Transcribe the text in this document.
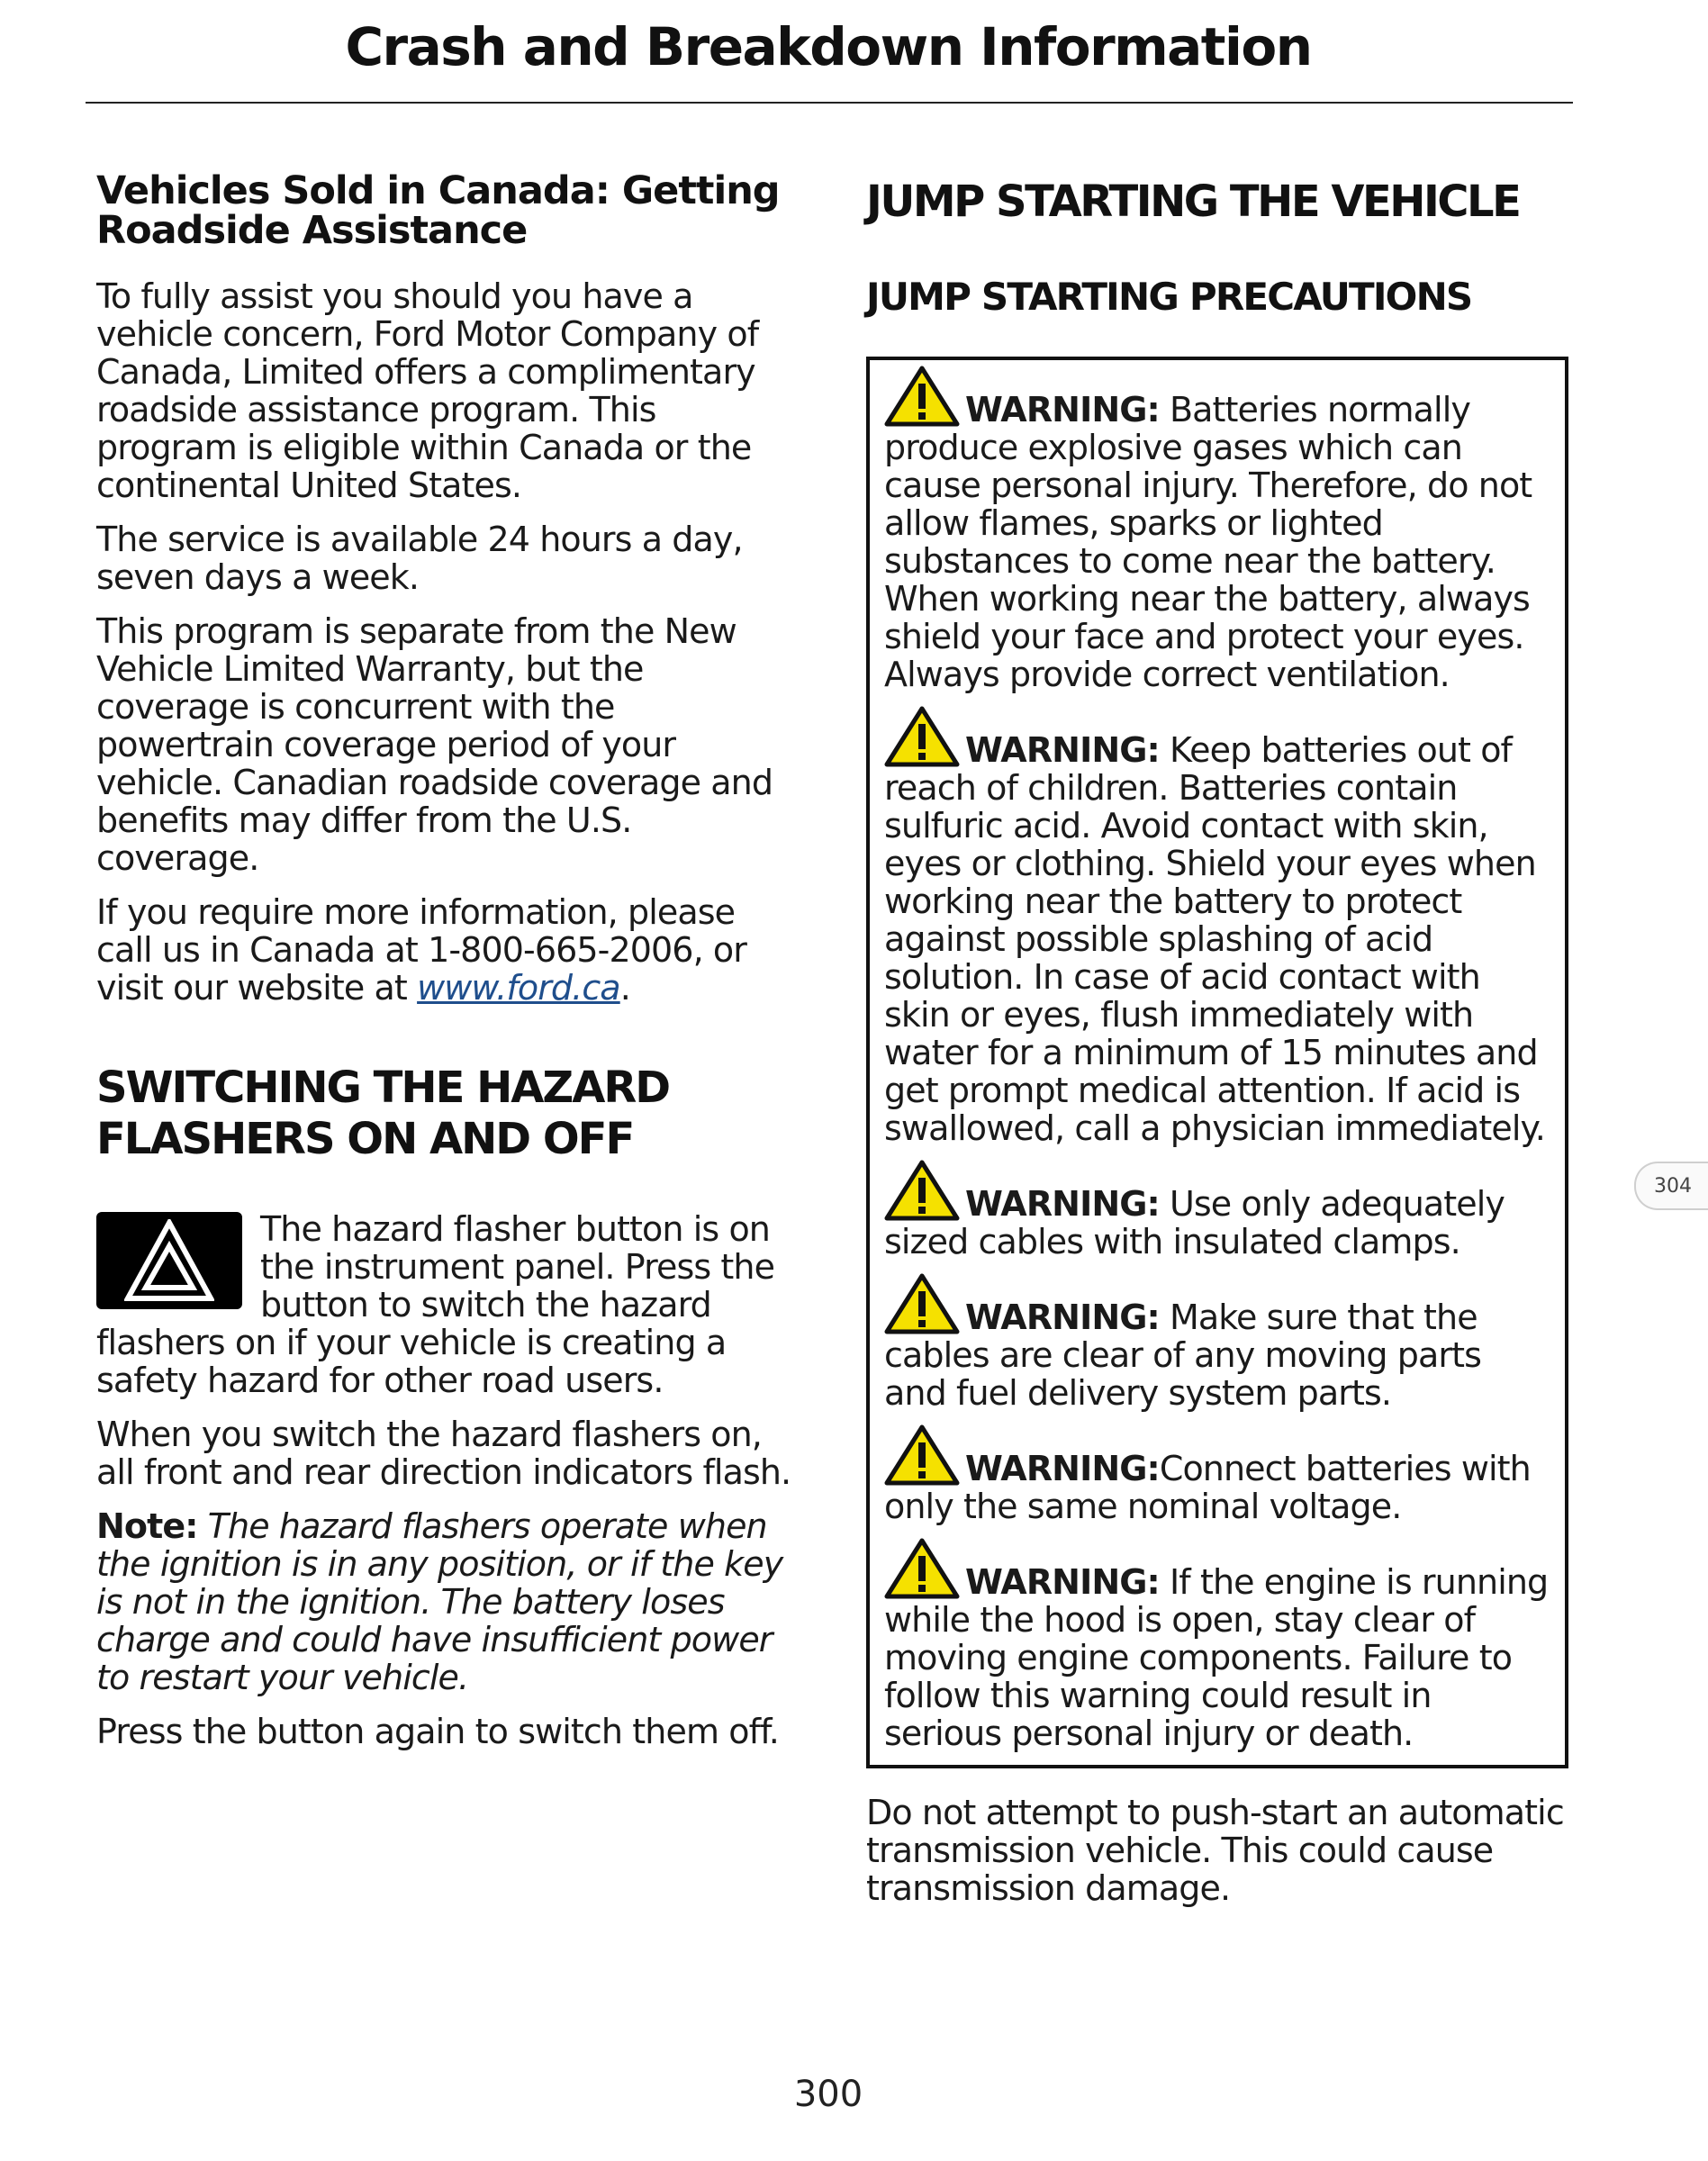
Crash and Breakdown Information
Vehicles Sold in Canada: Getting Roadside Assistance

To fully assist you should you have a vehicle concern, Ford Motor Company of Canada, Limited offers a complimentary roadside assistance program. This program is eligible within Canada or the continental United States.

The service is available 24 hours a day, seven days a week.

This program is separate from the New Vehicle Limited Warranty, but the coverage is concurrent with the powertrain coverage period of your vehicle. Canadian roadside coverage and benefits may differ from the U.S. coverage.

If you require more information, please call us in Canada at 1-800-665-2006, or visit our website at www.ford.ca.

SWITCHING THE HAZARD FLASHERS ON AND OFF

The hazard flasher button is on the instrument panel. Press the button to switch the hazard flashers on if your vehicle is creating a safety hazard for other road users.

When you switch the hazard flashers on, all front and rear direction indicators flash.

Note: The hazard flashers operate when the ignition is in any position, or if the key is not in the ignition. The battery loses charge and could have insufficient power to restart your vehicle.

Press the button again to switch them off.

JUMP STARTING THE VEHICLE
JUMP STARTING PRECAUTIONS

WARNING: Batteries normally produce explosive gases which can cause personal injury. Therefore, do not allow flames, sparks or lighted substances to come near the battery. When working near the battery, always shield your face and protect your eyes. Always provide correct ventilation.

WARNING: Keep batteries out of reach of children. Batteries contain sulfuric acid. Avoid contact with skin, eyes or clothing. Shield your eyes when working near the battery to protect against possible splashing of acid solution. In case of acid contact with skin or eyes, flush immediately with water for a minimum of 15 minutes and get prompt medical attention. If acid is swallowed, call a physician immediately.

WARNING: Use only adequately sized cables with insulated clamps.

WARNING: Make sure that the cables are clear of any moving parts and fuel delivery system parts.

WARNING:Connect batteries with only the same nominal voltage.

WARNING: If the engine is running while the hood is open, stay clear of moving engine components. Failure to follow this warning could result in serious personal injury or death.

Do not attempt to push-start an automatic transmission vehicle. This could cause transmission damage.

304
300
